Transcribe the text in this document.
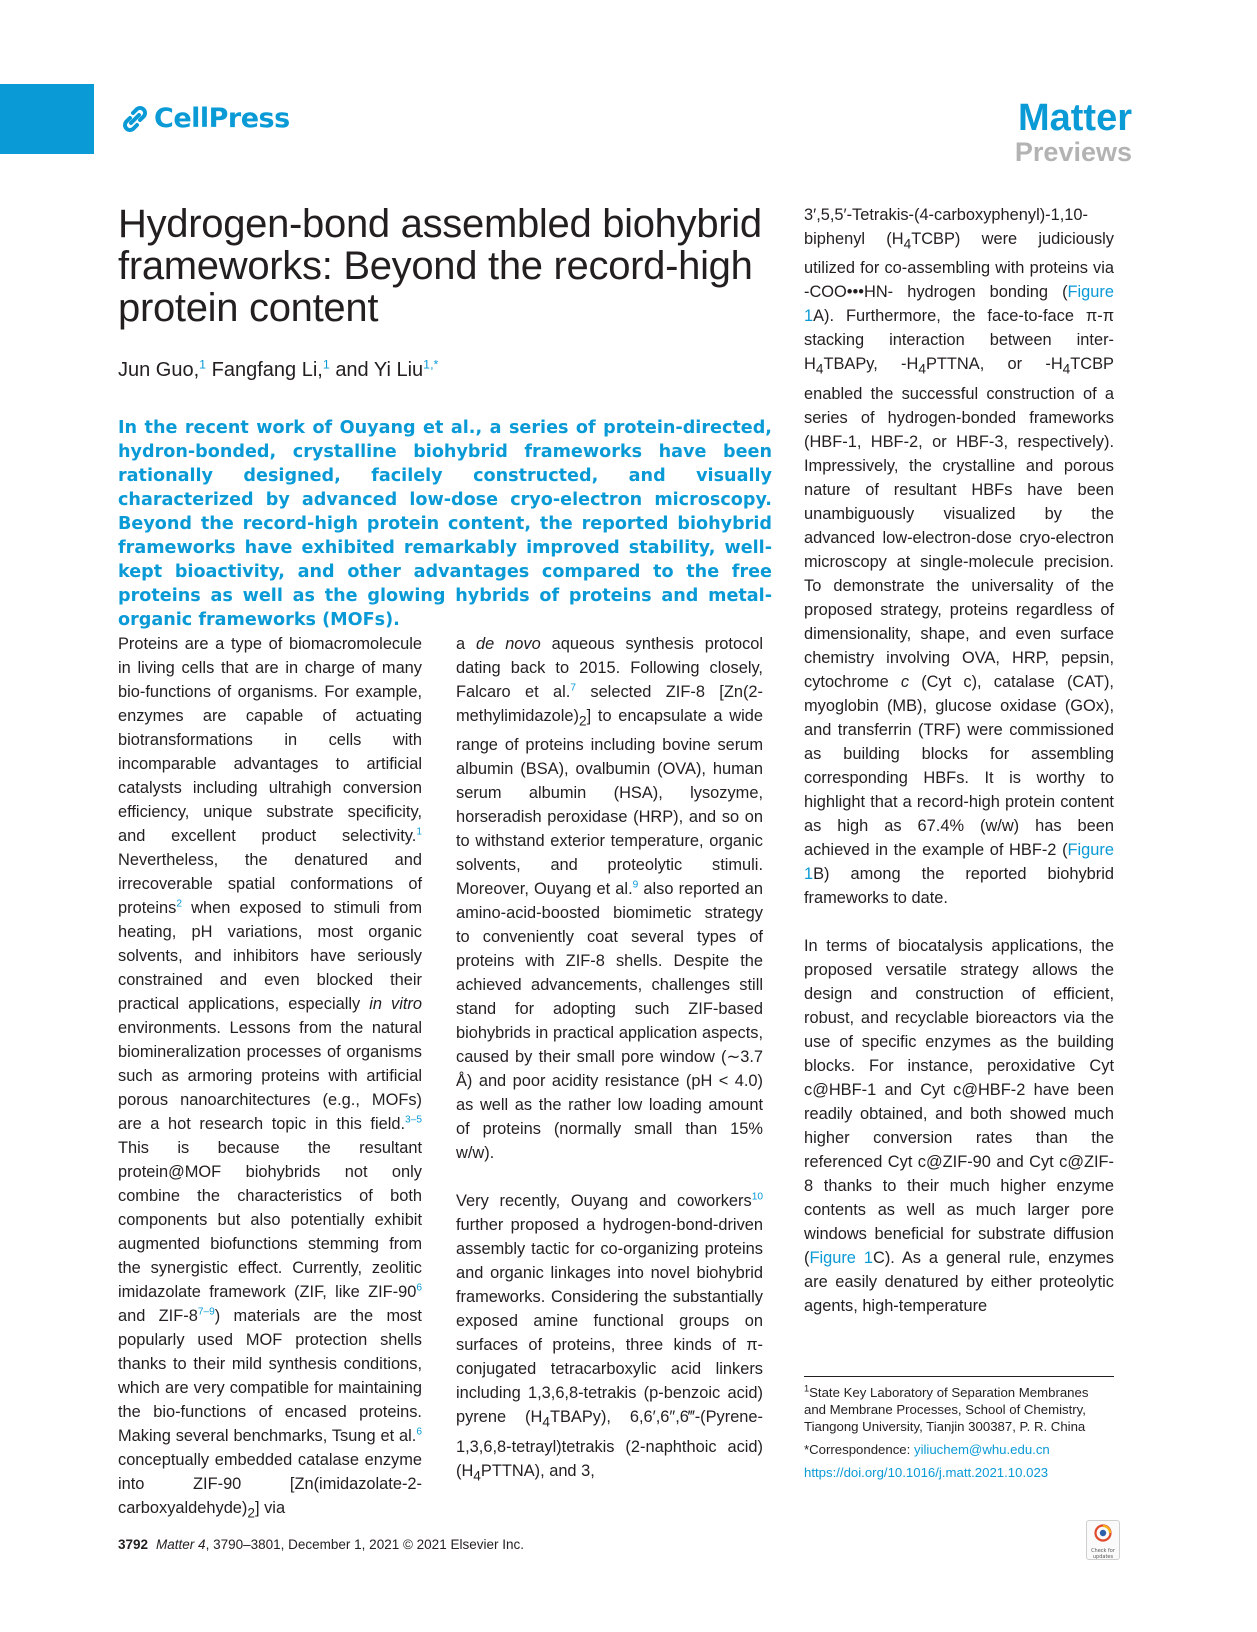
CellPress	Matter
Previews
Hydrogen-bond assembled biohybrid frameworks: Beyond the record-high protein content
Jun Guo,$^1$ Fangfang Li,$^1$ and Yi Liu$^{1,*}$

In the recent work of Ouyang et al., a series of protein-directed, hydron-bonded, crystalline biohybrid frameworks have been rationally designed, facilely constructed, and visually characterized by advanced low-dose cryo-electron microscopy. Beyond the record-high protein content, the reported biohybrid frameworks have exhibited remarkably improved stability, well-kept bioactivity, and other advantages compared to the free proteins as well as the glowing hybrids of proteins and metal-organic frameworks (MOFs).

Proteins are a type of biomacromolecule in living cells that are in charge of many bio-functions of organisms. For example, enzymes are capable of actuating biotransformations in cells with incomparable advantages to artificial catalysts including ultrahigh conversion efficiency, unique substrate specificity, and excellent product selectivity.$^1$ Nevertheless, the denatured and irrecoverable spatial conformations of proteins$^2$ when exposed to stimuli from heating, pH variations, most organic solvents, and inhibitors have seriously constrained and even blocked their practical applications, especially in vitro environments. Lessons from the natural biomineralization processes of organisms such as armoring proteins with artificial porous nanoarchitectures (e.g., MOFs) are a hot research topic in this field.$^{3-5}$ This is because the resultant protein@MOF biohybrids not only combine the characteristics of both components but also potentially exhibit augmented biofunctions stemming from the synergistic effect. Currently, zeolitic imidazolate framework (ZIF, like ZIF-$90^6$ and ZIF-8$^{7-9}$) materials are the most popularly used MOF protection shells thanks to their mild synthesis conditions, which are very compatible for maintaining the bio-functions of encased proteins. Making several benchmarks, Tsung et al.$^6$ conceptually embedded catalase enzyme into ZIF-90 $[Zn(imidazolate-2-carboxyaldehyde)_2]$ via

a de novo aqueous synthesis protocol dating back to 2015. Following closely, Falcaro et al.$^7$ selected ZIF-8 $[Zn(2-methylimidazole)_2]$ to encapsulate a wide range of proteins including bovine serum albumin (BSA), ovalbumin (OVA), human serum albumin (HSA), lysozyme, horseradish peroxidase (HRP), and so on to withstand exterior temperature, organic solvents, and proteolytic stimuli. Moreover, Ouyang et al.$^9$ also reported an amino-acid-boosted biomimetic strategy to conveniently coat several types of proteins with ZIF-8 shells. Despite the achieved advancements, challenges still stand for adopting such ZIF-based biohybrids in practical application aspects, caused by their small pore window (∼3.7 Å) and poor acidity resistance (pH < 4.0) as well as the rather low loading amount of proteins (normally small than 15% w/w).

Very recently, Ouyang and coworkers$^{10}$ further proposed a hydrogen-bond-driven assembly tactic for co-organizing proteins and organic linkages into novel biohybrid frameworks. Considering the substantially exposed amine functional groups on surfaces of proteins, three kinds of π-conjugated tetracarboxylic acid linkers including 1,3,6,8-tetrakis (p-benzoic acid) pyrene $(H_4TBAPy)$, 6,6′,6″,6‴-(Pyrene-1,3,6,8-tetrayl)tetrakis (2-naphthoic acid) $(H_4PTTNA)$, and 3,

3′,5,5′-Tetrakis-(4-carboxyphenyl)-1,10-biphenyl $(H_4TCBP)$ were judiciously utilized for co-assembling with proteins via -COO•••HN- hydrogen bonding (Figure 1A). Furthermore, the face-to-face π-π stacking interaction between inter-$H_4TBAPy$, $-H_4PTTNA$, or $-H_4TCBP$ enabled the successful construction of a series of hydrogen-bonded frameworks (HBF-1, HBF-2, or HBF-3, respectively). Impressively, the crystalline and porous nature of resultant HBFs have been unambiguously visualized by the advanced low-electron-dose cryo-electron microscopy at single-molecule precision. To demonstrate the universality of the proposed strategy, proteins regardless of dimensionality, shape, and even surface chemistry involving OVA, HRP, pepsin, cytochrome c (Cyt c), catalase (CAT), myoglobin (MB), glucose oxidase (GOx), and transferrin (TRF) were commissioned as building blocks for assembling corresponding HBFs. It is worthy to highlight that a record-high protein content as high as 67.4% (w/w) has been achieved in the example of HBF-2 (Figure 1B) among the reported biohybrid frameworks to date.

In terms of biocatalysis applications, the proposed versatile strategy allows the design and construction of efficient, robust, and recyclable bioreactors via the use of specific enzymes as the building blocks. For instance, peroxidative Cyt c@HBF-1 and Cyt c@HBF-2 have been readily obtained, and both showed much higher conversion rates than the referenced Cyt c@ZIF-90 and Cyt c@ZIF-8 thanks to their much higher enzyme contents as well as much larger pore windows beneficial for substrate diffusion (Figure 1C). As a general rule, enzymes are easily denatured by either proteolytic agents, high-temperature

$^1$State Key Laboratory of Separation Membranes and Membrane Processes, School of Chemistry, Tiangong University, Tianjin 300387, P. R. China

*Correspondence: yiliuchem@whu.edu.cn

https://doi.org/10.1016/j.matt.2021.10.023

3792 Matter 4, 3790–3801, December 1, 2021 © 2021 Elsevier Inc.	Check for updates
